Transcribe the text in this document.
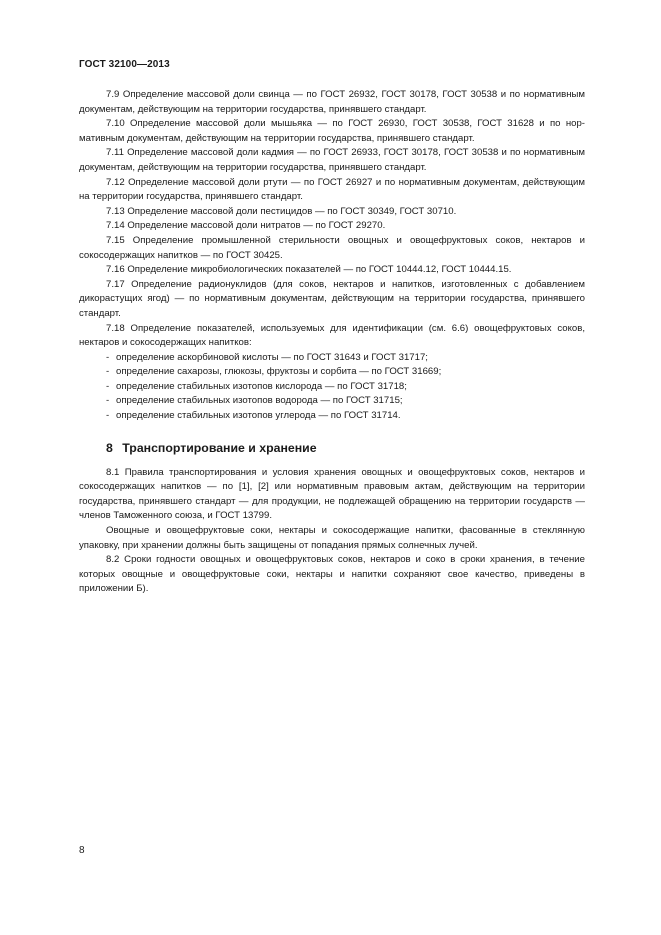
ГОСТ 32100—2013

7.9 Определение массовой доли свинца — по ГОСТ 26932, ГОСТ 30178, ГОСТ 30538 и по нормативным документам, действующим на территории государства, принявшего стандарт.

7.10 Определение массовой доли мышьяка — по ГОСТ 26930, ГОСТ 30538, ГОСТ 31628 и по нормативным документам, действующим на территории государства, принявшего стандарт.

7.11 Определение массовой доли кадмия — по ГОСТ 26933, ГОСТ 30178, ГОСТ 30538 и по нормативным документам, действующим на территории государства, принявшего стандарт.

7.12 Определение массовой доли ртути — по ГОСТ 26927 и по нормативным документам, действующим на территории государства, принявшего стандарт.

7.13 Определение массовой доли пестицидов — по ГОСТ 30349, ГОСТ 30710.

7.14 Определение массовой доли нитратов — по ГОСТ 29270.

7.15 Определение промышленной стерильности овощных и овощефруктовых соков, нектаров и сокосодержащих напитков — по ГОСТ 30425.

7.16 Определение микробиологических показателей — по ГОСТ 10444.12, ГОСТ 10444.15.

7.17 Определение радионуклидов (для соков, нектаров и напитков, изготовленных с добавлением дикорастущих ягод) — по нормативным документам, действующим на территории государства, принявшего стандарт.

7.18 Определение показателей, используемых для идентификации (см. 6.6) овощефруктовых соков, нектаров и сокосодержащих напитков:

- определение аскорбиновой кислоты — по ГОСТ 31643 и ГОСТ 31717;

- определение сахарозы, глюкозы, фруктозы и сорбита — по ГОСТ 31669;

- определение стабильных изотопов кислорода — по ГОСТ 31718;

- определение стабильных изотопов водорода — по ГОСТ 31715;

- определение стабильных изотопов углерода — по ГОСТ 31714.

8 Транспортирование и хранение

8.1 Правила транспортирования и условия хранения овощных и овощефруктовых соков, нектаров и сокосодержащих напитков — по [1], [2] или нормативным правовым актам, действующим на территории государства, принявшего стандарт — для продукции, не подлежащей обращению на территории государств — членов Таможенного союза, и ГОСТ 13799.

Овощные и овощефруктовые соки, нектары и сокосодержащие напитки, фасованные в стеклянную упаковку, при хранении должны быть защищены от попадания прямых солнечных лучей.

8.2 Сроки годности овощных и овощефруктовых соков, нектаров и соко в сроки хранения, в течение которых овощные и овощефруктовые соки, нектары и напитки сохраняют свое качество, приведены в приложении Б).

8
